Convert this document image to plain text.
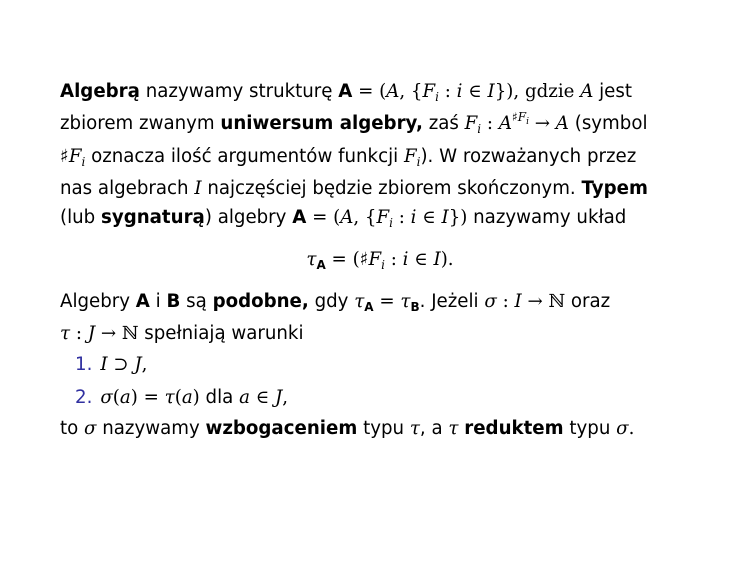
Algebrą nazywamy strukturę A = (A, {$F_i$ : i ∈ I}), gdzie A jest
zbiorem zwanym uniwersum algebry, zaś $F_i$ : $A^{♯Fi} \to A$ (symbol
$♯F_i$ oznacza ilość argumentów funkcji $F_i$). W rozważanych przez
nas algebrach I najczęściej będzie zbiorem skończonym. Typem
(lub sygnaturą) algebry A = (A, {$F_i$ : i ∈ I}) nazywamy układ
$\tau_A$ = ($♯F_i$ : i ∈ I).
Algebry A i B są podobne, gdy $\tau_A = \tau_B$. Jeżeli σ : I → ℕ oraz
τ : J → ℕ spełniają warunki
1. I ⊃ J,
2. σ(a) = τ(a) dla a ∈ J,
to σ nazywamy wzbogaceniem typu τ, a τ reduktem typu σ.
